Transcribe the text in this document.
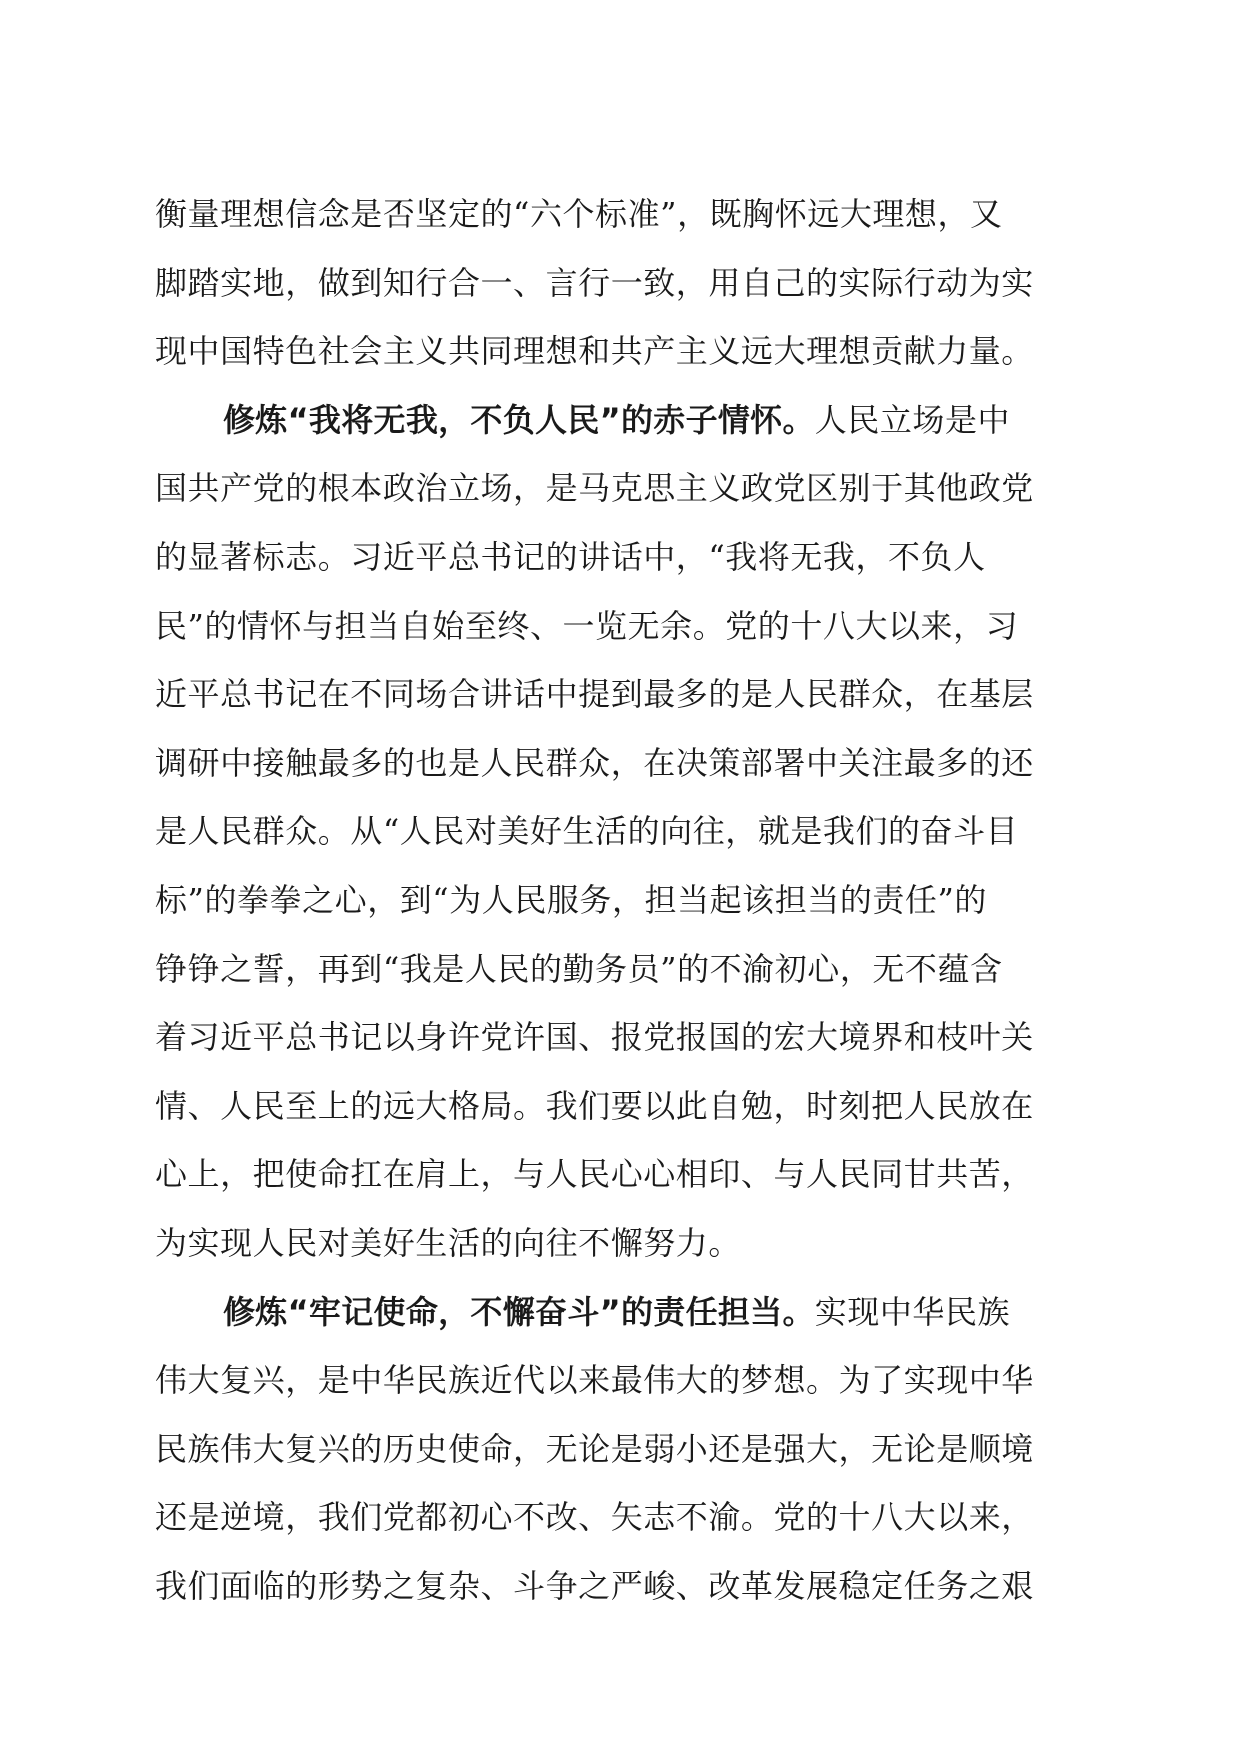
衡量理想信念是否坚定的“六个标准”，既胸怀远大理想，又
脚踏实地，做到知行合一、言行一致，用自己的实际行动为实
现中国特色社会主义共同理想和共产主义远大理想贡献力量。
修炼“我将无我，不负人民”的赤子情怀。人民立场是中
国共产党的根本政治立场，是马克思主义政党区别于其他政党
的显著标志。习近平总书记的讲话中，“我将无我，不负人
民”的情怀与担当自始至终、一览无余。党的十八大以来，习
近平总书记在不同场合讲话中提到最多的是人民群众，在基层
调研中接触最多的也是人民群众，在决策部署中关注最多的还
是人民群众。从“人民对美好生活的向往，就是我们的奋斗目
标”的拳拳之心，到“为人民服务，担当起该担当的责任”的
铮铮之誓，再到“我是人民的勤务员”的不渝初心，无不蕴含
着习近平总书记以身许党许国、报党报国的宏大境界和枝叶关
情、人民至上的远大格局。我们要以此自勉，时刻把人民放在
心上，把使命扛在肩上，与人民心心相印、与人民同甘共苦，
为实现人民对美好生活的向往不懈努力。
修炼“牢记使命，不懈奋斗”的责任担当。实现中华民族
伟大复兴，是中华民族近代以来最伟大的梦想。为了实现中华
民族伟大复兴的历史使命，无论是弱小还是强大，无论是顺境
还是逆境，我们党都初心不改、矢志不渝。党的十八大以来，
我们面临的形势之复杂、斗争之严峻、改革发展稳定任务之艰
